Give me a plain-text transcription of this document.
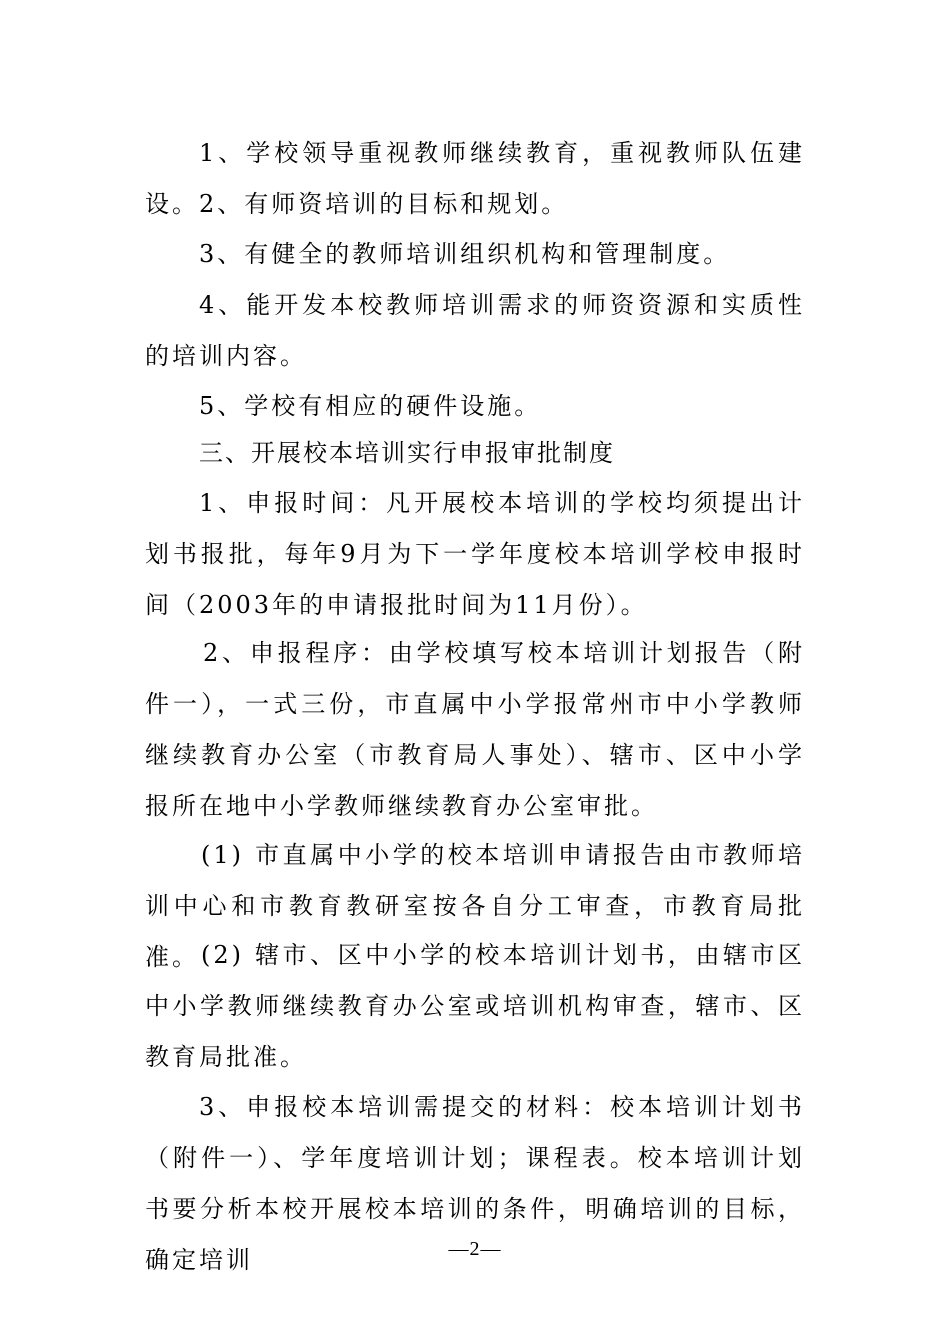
1、学校领导重视教师继续教育，重视教师队伍建设。 2、有师资培训的目标和规划。

3、有健全的教师培训组织机构和管理制度。

4、能开发本校教师培训需求的师资资源和实质性的培训内容。

5、学校有相应的硬件设施。

三、开展校本培训实行申报审批制度

1、申报时间：凡开展校本培训的学校均须提出计划书报批，每年9月为下一学年度校本培训学校申报时间（2003年的申请报批时间为11月份）。

2、申报程序：由学校填写校本培训计划报告（附件一），一式三份，市直属中小学报常州市中小学教师继续教育办公室（市教育局人事处）、辖市、区中小学报所在地中小学教师继续教育办公室审批。

(1) 市直属中小学的校本培训申请报告由市教师培训中心和市教育教研室按各自分工审查，市教育局批准。 (2) 辖市、区中小学的校本培训计划书，由辖市区中小学教师继续教育办公室或培训机构审查，辖市、区教育局批准。

3、申报校本培训需提交的材料：校本培训计划书（附件一）、学年度培训计划；课程表。校本培训计划书要分析本校开展校本培训的条件，明确培训的目标，确定培训	—2—
